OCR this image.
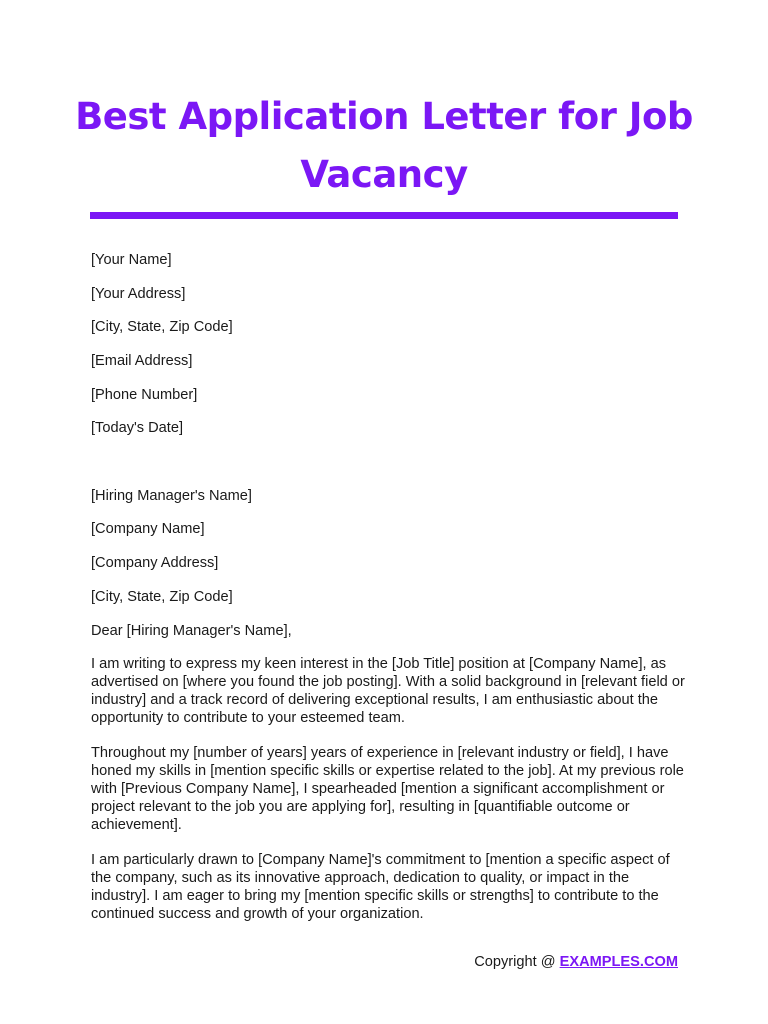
Best Application Letter for Job Vacancy

[Your Name]

[Your Address]

[City, State, Zip Code]

[Email Address]

[Phone Number]

[Today's Date]

[Hiring Manager's Name]

[Company Name]

[Company Address]

[City, State, Zip Code]

Dear [Hiring Manager's Name],

I am writing to express my keen interest in the [Job Title] position at [Company Name], as advertised on [where you found the job posting]. With a solid background in [relevant field or industry] and a track record of delivering exceptional results, I am enthusiastic about the opportunity to contribute to your esteemed team.

Throughout my [number of years] years of experience in [relevant industry or field], I have honed my skills in [mention specific skills or expertise related to the job]. At my previous role with [Previous Company Name], I spearheaded [mention a significant accomplishment or project relevant to the job you are applying for], resulting in [quantifiable outcome or achievement].

I am particularly drawn to [Company Name]'s commitment to [mention a specific aspect of the company, such as its innovative approach, dedication to quality, or impact in the industry]. I am eager to bring my [mention specific skills or strengths] to contribute to the continued success and growth of your organization.

Copyright @ EXAMPLES.COM
